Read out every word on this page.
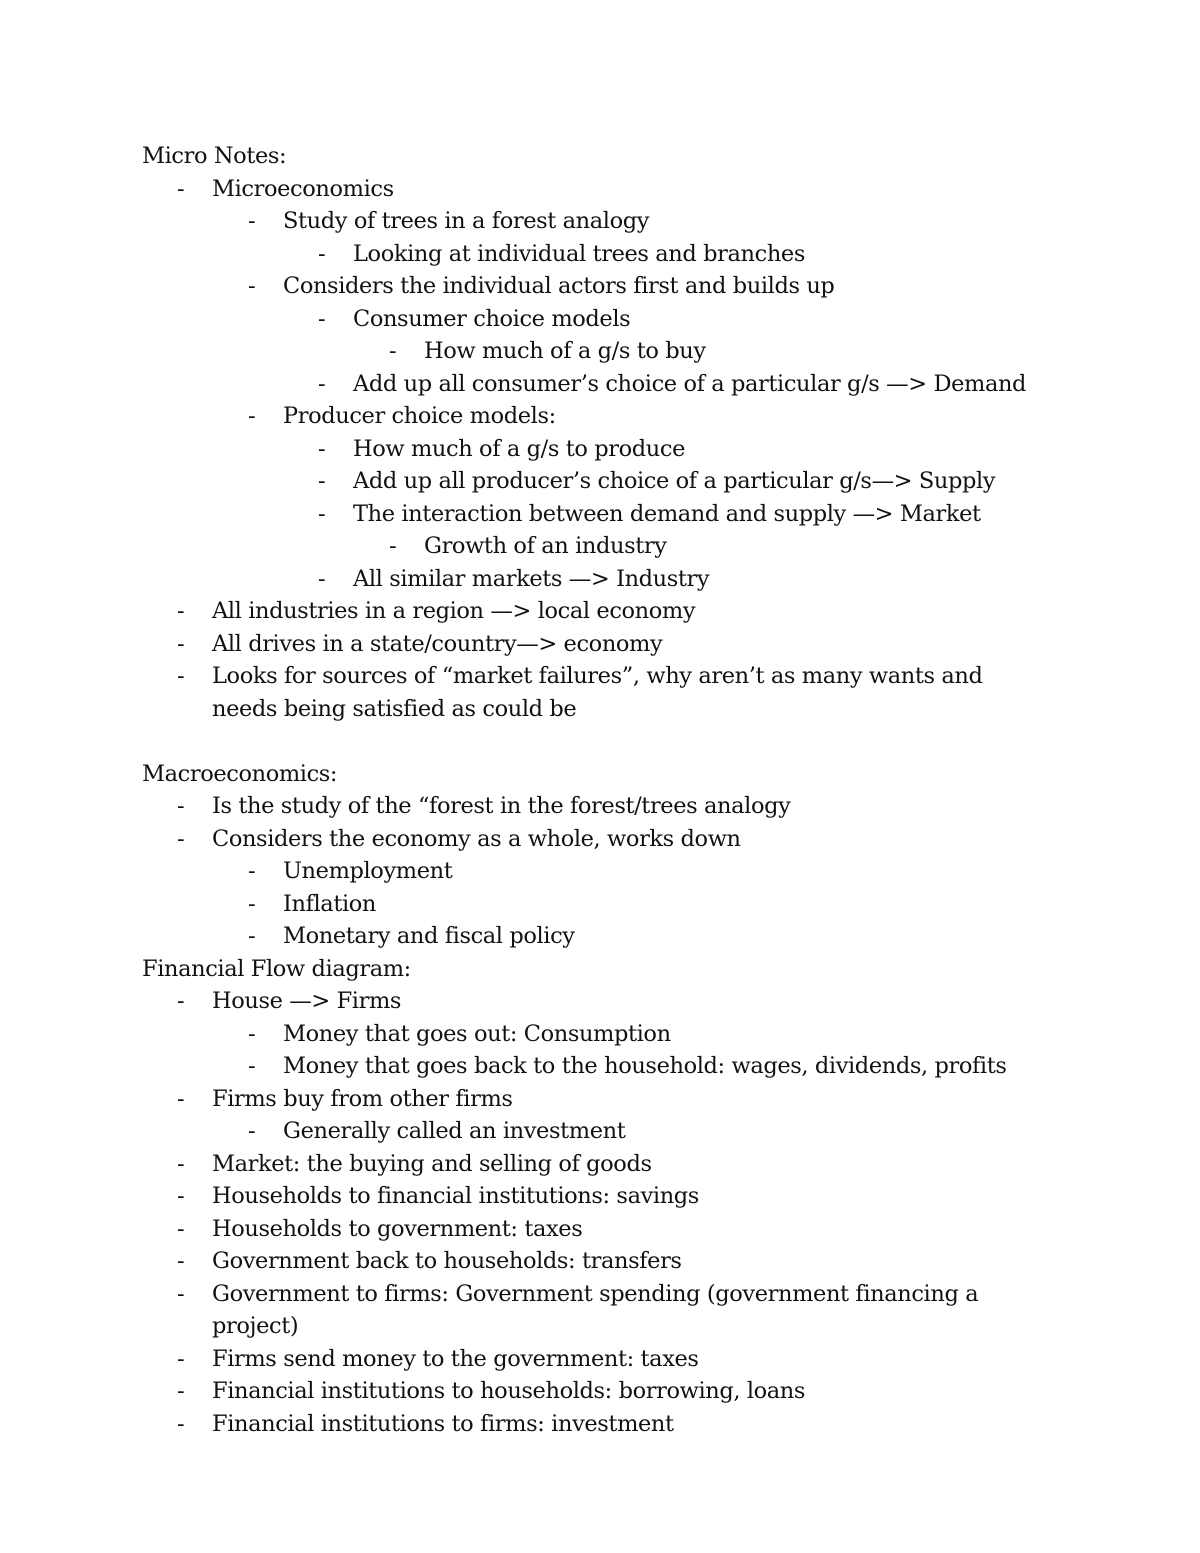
Micro Notes:
- Microeconomics
- Study of trees in a forest analogy
- Looking at individual trees and branches
- Considers the individual actors first and builds up
- Consumer choice models
- How much of a g/s to buy
- Add up all consumer’s choice of a particular g/s —> Demand
- Producer choice models:
- How much of a g/s to produce
- Add up all producer’s choice of a particular g/s—> Supply
- The interaction between demand and supply —> Market
- Growth of an industry
- All similar markets —> Industry
- All industries in a region —> local economy
- All drives in a state/country—> economy
- Looks for sources of “market failures”, why aren’t as many wants and needs being satisfied as could be
Macroeconomics:
- Is the study of the “forest in the forest/trees analogy
- Considers the economy as a whole, works down
- Unemployment
- Inflation
- Monetary and fiscal policy
Financial Flow diagram:
- House —> Firms
- Money that goes out: Consumption
- Money that goes back to the household: wages, dividends, profits
- Firms buy from other firms
- Generally called an investment
- Market: the buying and selling of goods
- Households to financial institutions: savings
- Households to government: taxes
- Government back to households: transfers
- Government to firms: Government spending (government financing a project)
- Firms send money to the government: taxes
- Financial institutions to households: borrowing, loans
- Financial institutions to firms: investment
